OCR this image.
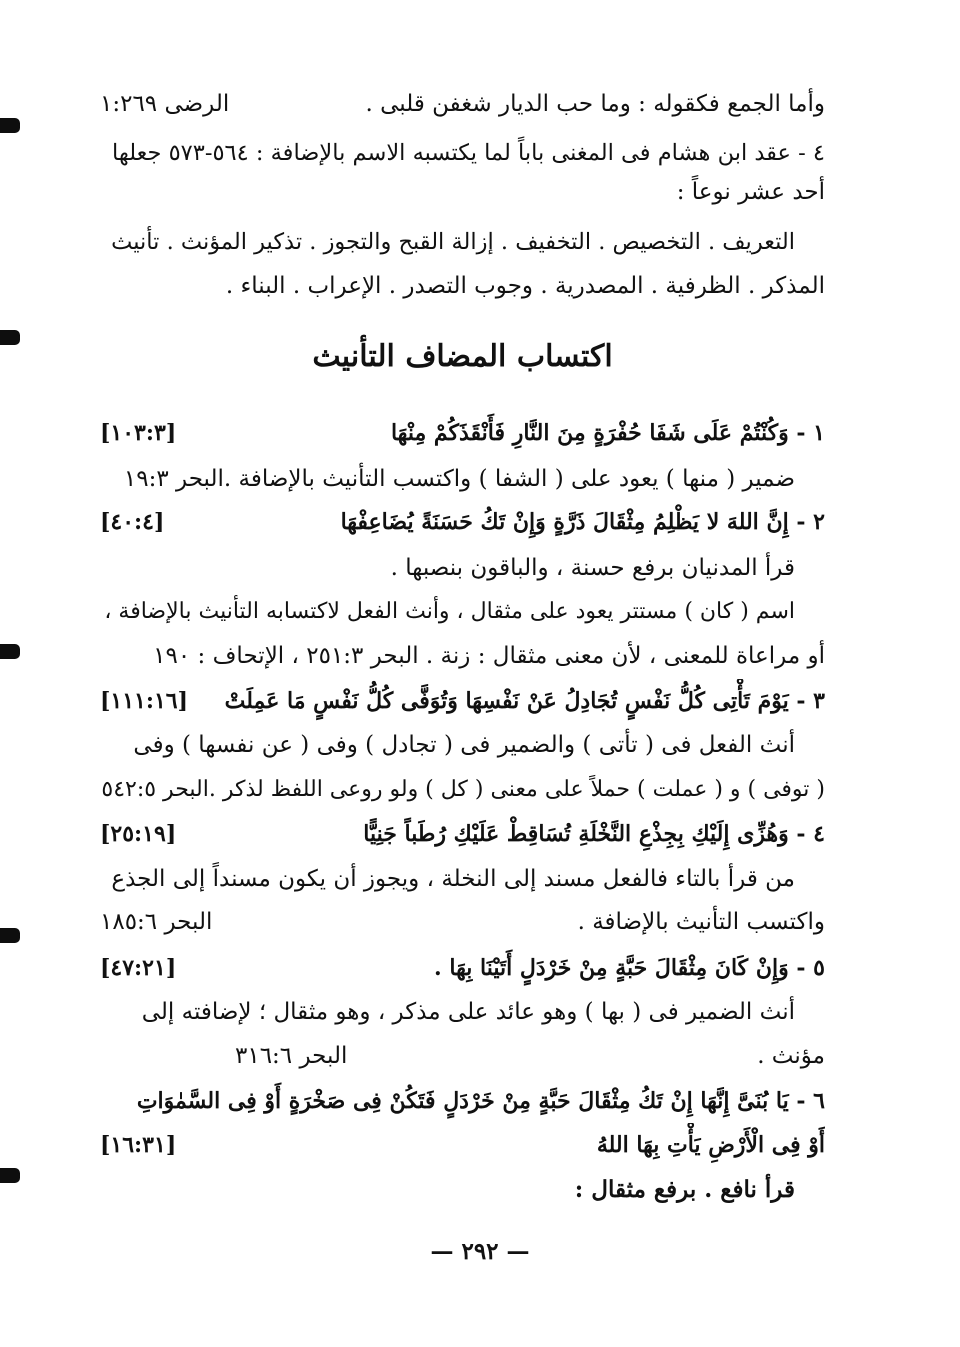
وأما الجمع فكقوله : وما حب الديار شغفن قلبى .
الرضى ١:٢٦٩
٤ - عقد ابن هشام فى المغنى باباً لما يكتسبه الاسم بالإضافة : ٥٦٤-٥٧٣ جعلها
أحد عشر نوعاً :
التعريف . التخصيص . التخفيف . إزالة القبح والتجوز . تذكير المؤنث . تأنيث
المذكر . الظرفية . المصدرية . وجوب التصدر . الإعراب . البناء .
اكتساب المضاف التأنيث
١ - وَكُنْتُمْ عَلَى شَفَا حُفْرَةٍ مِنَ النَّارِ فَأَنْقَذَكُمْ مِنْهَا
[١٠٣:٣]
ضمير ( منها ) يعود على ( الشفا ) واكتسب التأنيث بالإضافة .البحر ١٩:٣
٢ - إِنَّ اللهَ لا يَظْلِمُ مِثْقَالَ ذَرَّةٍ وَإِنْ تَكُ حَسَنَةً يُضَاعِفْهَا
[٤٠:٤]
قرأ المدنيان برفع حسنة ، والباقون بنصبها .
اسم ( كان ) مستتر يعود على مثقال ، وأنث الفعل لاكتسابه التأنيث بالإضافة ،
أو مراعاة للمعنى ، لأن معنى مثقال : زنة . البحر ٢٥١:٣ ، الإتحاف : ١٩٠
٣ - يَوْمَ تَأْتِى كُلُّ نَفْسٍ تُجَادِلُ عَنْ نَفْسِهَا وَتُوَفَّى كُلُّ نَفْسٍ مَا عَمِلَتْ
[١١١:١٦]
أنث الفعل فى ( تأتى ) والضمير فى ( تجادل ) وفى ( عن نفسها ) وفى
( توفى ) و ( عملت ) حملاً على معنى ( كل ) ولو روعى اللفظ لذكر .البحر ٥٤٢:٥
٤ - وَهُزِّى إِلَيْكِ بِجِذْعِ النَّخْلَةِ تُسَاقِطْ عَلَيْكِ رُطَباً جَنِيًّا
[٢٥:١٩]
من قرأ بالتاء فالفعل مسند إلى النخلة ، ويجوز أن يكون مسنداً إلى الجذع
واكتسب التأنيث بالإضافة .
البحر ١٨٥:٦
٥ - وَإِنْ كَانَ مِثْقَالَ حَبَّةٍ مِنْ خَرْدَلٍ أَتَيْنَا بِهَا .
[٤٧:٢١]
أنث الضمير فى ( بها ) وهو عائد على مذكر ، وهو مثقال ؛ لإضافته إلى
مؤنث .
البحر ٣١٦:٦
٦ - يَا بُنَىَّ إِنَّهَا إِنْ تَكُ مِثْقَالَ حَبَّةٍ مِنْ خَرْدَلٍ فَتَكُنْ فِى صَخْرَةٍ أَوْ فِى السَّمٰوَاتِ
أَوْ فِى الْأَرْضِ يَأْتِ بِهَا اللهُ
[١٦:٣١]
قرأ نافع . برفع مثقال :
— ٢٩٢ —
